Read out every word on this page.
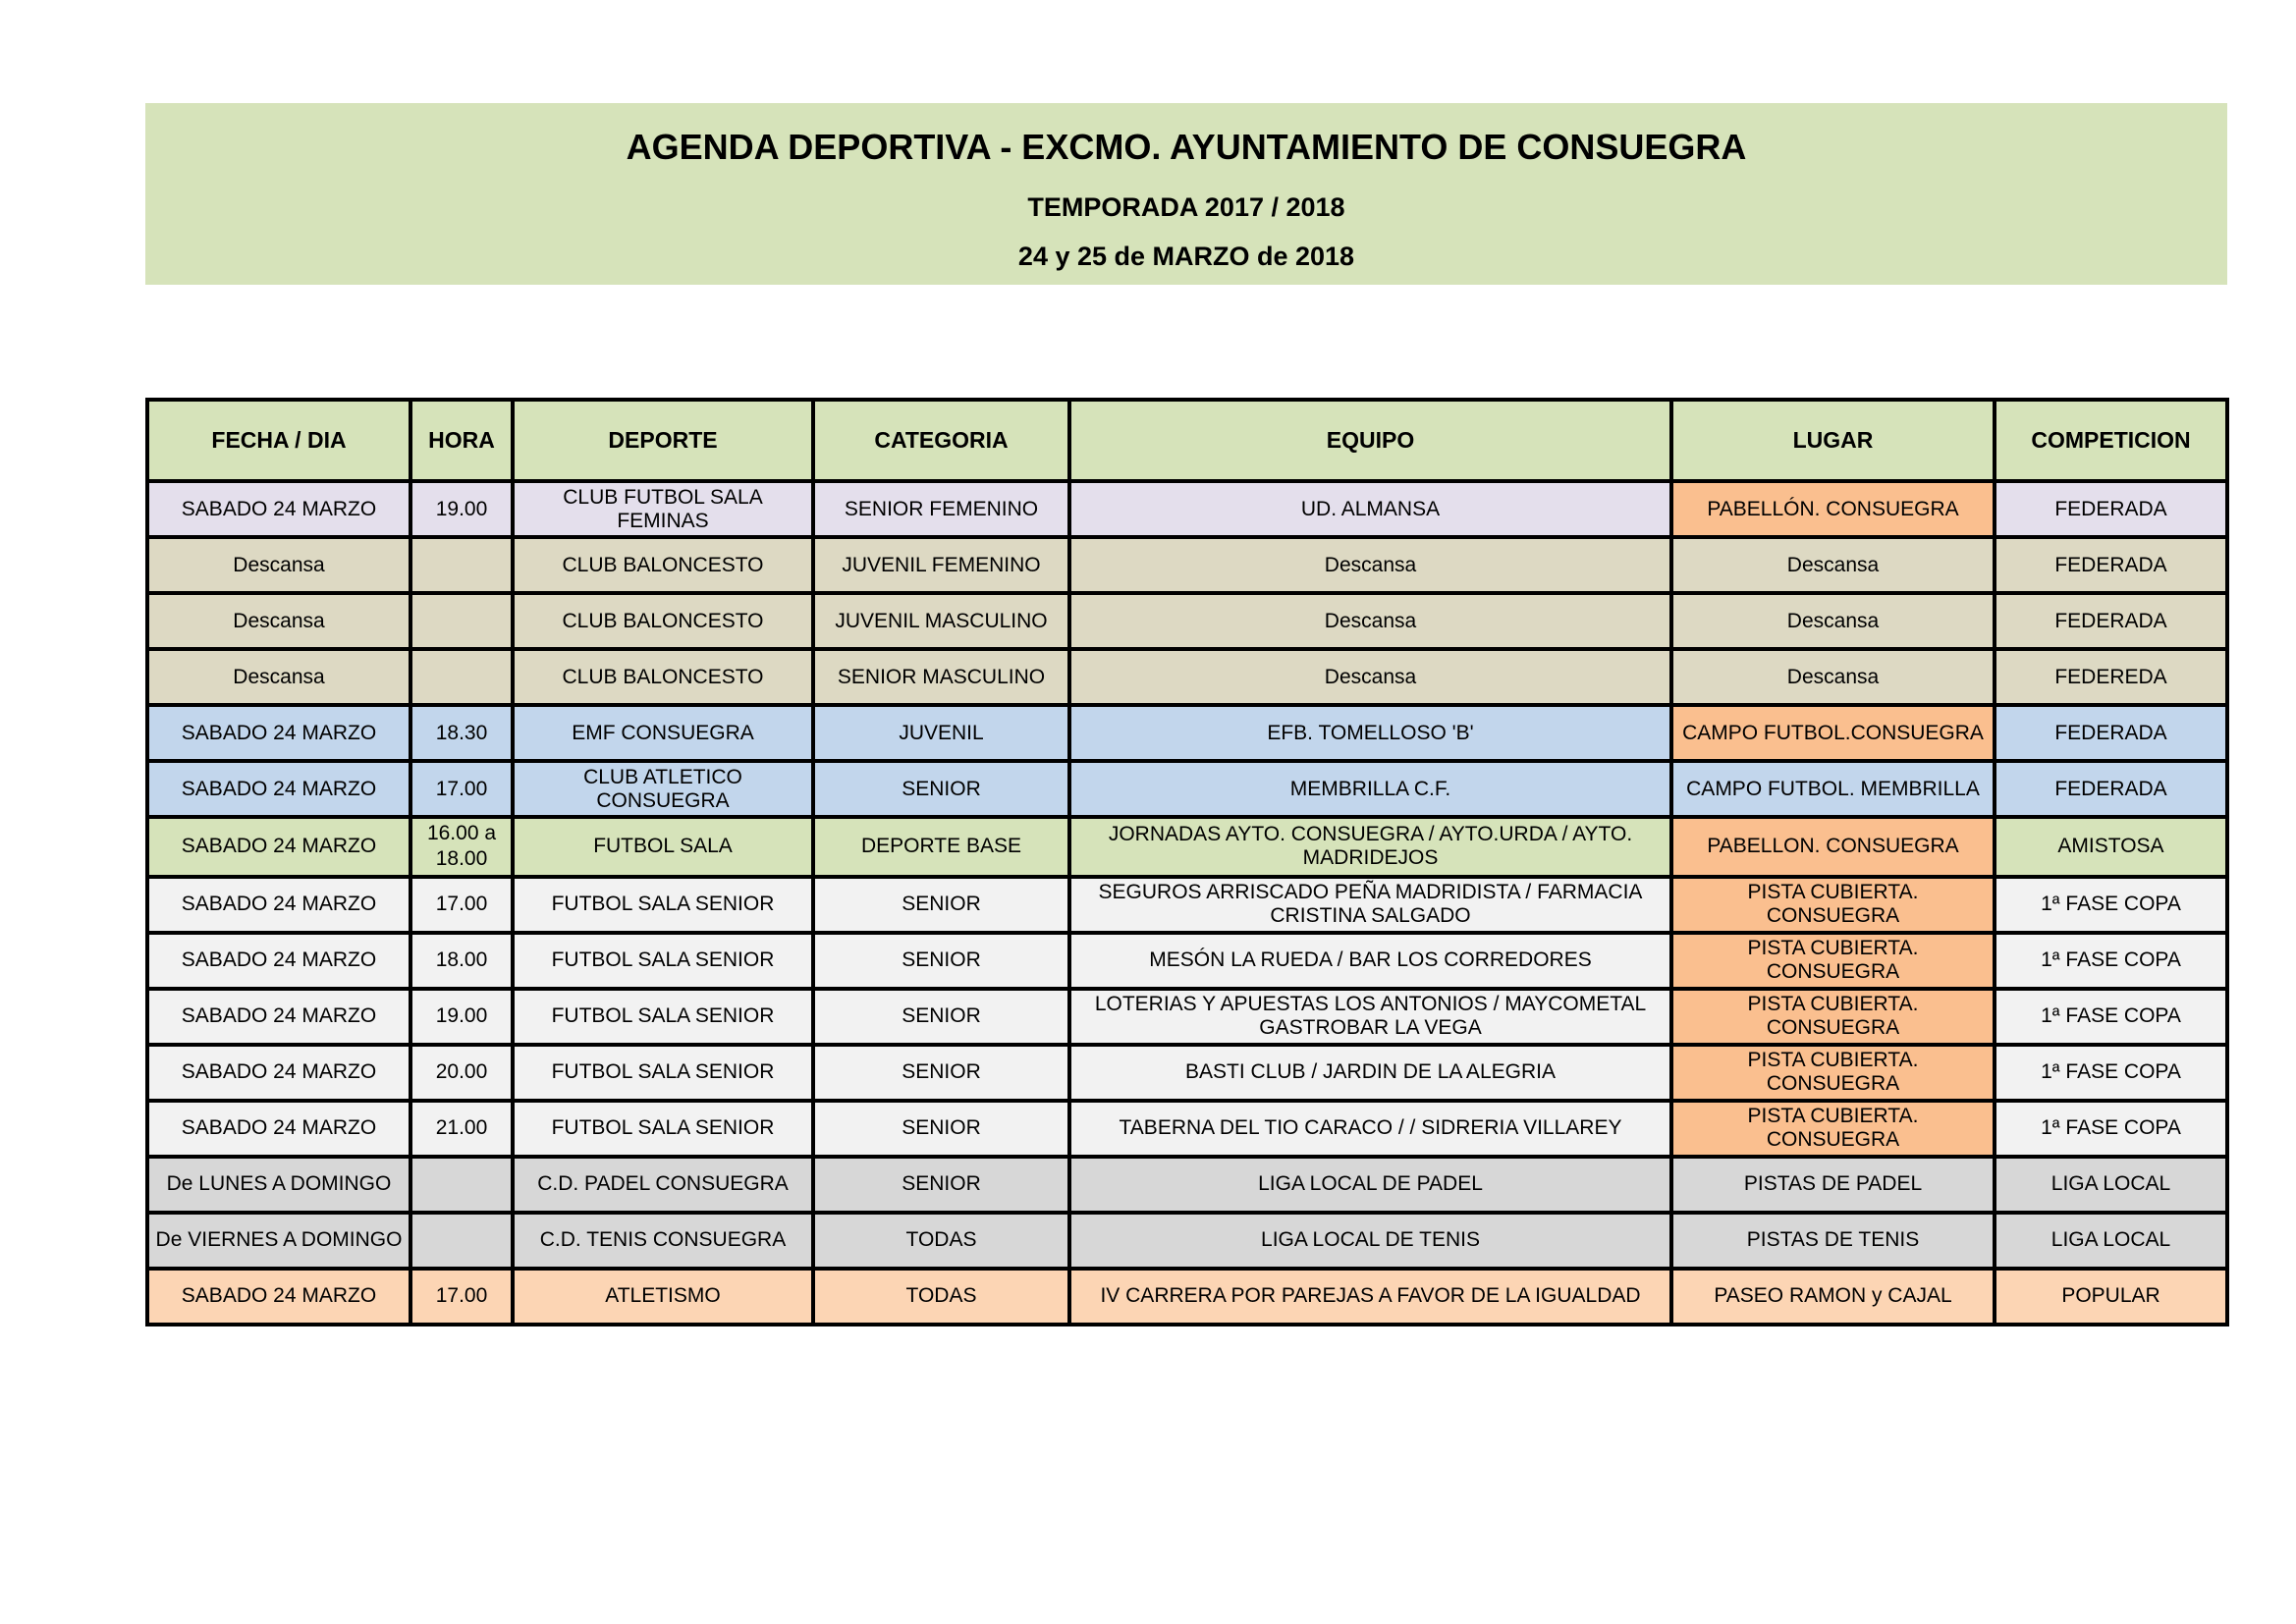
AGENDA DEPORTIVA - EXCMO. AYUNTAMIENTO DE CONSUEGRA
TEMPORADA 2017 / 2018
24 y 25 de MARZO de 2018
FECHA / DIA	HORA	DEPORTE	CATEGORIA	EQUIPO	LUGAR	COMPETICION
SABADO 24 MARZO	19.00	CLUB FUTBOL SALA FEMINAS	SENIOR FEMENINO	UD. ALMANSA	PABELLÓN. CONSUEGRA	FEDERADA
Descansa		CLUB BALONCESTO	JUVENIL FEMENINO	Descansa	Descansa	FEDERADA
Descansa		CLUB BALONCESTO	JUVENIL MASCULINO	Descansa	Descansa	FEDERADA
Descansa		CLUB BALONCESTO	SENIOR MASCULINO	Descansa	Descansa	FEDEREDA
SABADO 24 MARZO	18.30	EMF CONSUEGRA	JUVENIL	EFB. TOMELLOSO 'B'	CAMPO FUTBOL.CONSUEGRA	FEDERADA
SABADO 24 MARZO	17.00	CLUB ATLETICO CONSUEGRA	SENIOR	MEMBRILLA C.F.	CAMPO FUTBOL. MEMBRILLA	FEDERADA
SABADO 24 MARZO	16.00 a 18.00	FUTBOL SALA	DEPORTE BASE	JORNADAS AYTO. CONSUEGRA / AYTO.URDA / AYTO. MADRIDEJOS	PABELLON. CONSUEGRA	AMISTOSA
SABADO 24 MARZO	17.00	FUTBOL SALA SENIOR	SENIOR	SEGUROS ARRISCADO PEÑA MADRIDISTA / FARMACIA CRISTINA SALGADO	PISTA CUBIERTA. CONSUEGRA	1ª FASE COPA
SABADO 24 MARZO	18.00	FUTBOL SALA SENIOR	SENIOR	MESÓN LA RUEDA / BAR LOS CORREDORES	PISTA CUBIERTA. CONSUEGRA	1ª FASE COPA
SABADO 24 MARZO	19.00	FUTBOL SALA SENIOR	SENIOR	LOTERIAS Y APUESTAS LOS ANTONIOS / MAYCOMETAL GASTROBAR LA VEGA	PISTA CUBIERTA. CONSUEGRA	1ª FASE COPA
SABADO 24 MARZO	20.00	FUTBOL SALA SENIOR	SENIOR	BASTI CLUB / JARDIN DE LA ALEGRIA	PISTA CUBIERTA. CONSUEGRA	1ª FASE COPA
SABADO 24 MARZO	21.00	FUTBOL SALA SENIOR	SENIOR	TABERNA DEL TIO CARACO / / SIDRERIA VILLAREY	PISTA CUBIERTA. CONSUEGRA	1ª FASE COPA
De LUNES A DOMINGO		C.D. PADEL CONSUEGRA	SENIOR	LIGA LOCAL DE PADEL	PISTAS DE PADEL	LIGA LOCAL
De VIERNES A DOMINGO		C.D. TENIS CONSUEGRA	TODAS	LIGA LOCAL DE TENIS	PISTAS DE TENIS	LIGA LOCAL
SABADO 24 MARZO	17.00	ATLETISMO	TODAS	IV CARRERA POR PAREJAS A FAVOR DE LA IGUALDAD	PASEO RAMON y CAJAL	POPULAR
